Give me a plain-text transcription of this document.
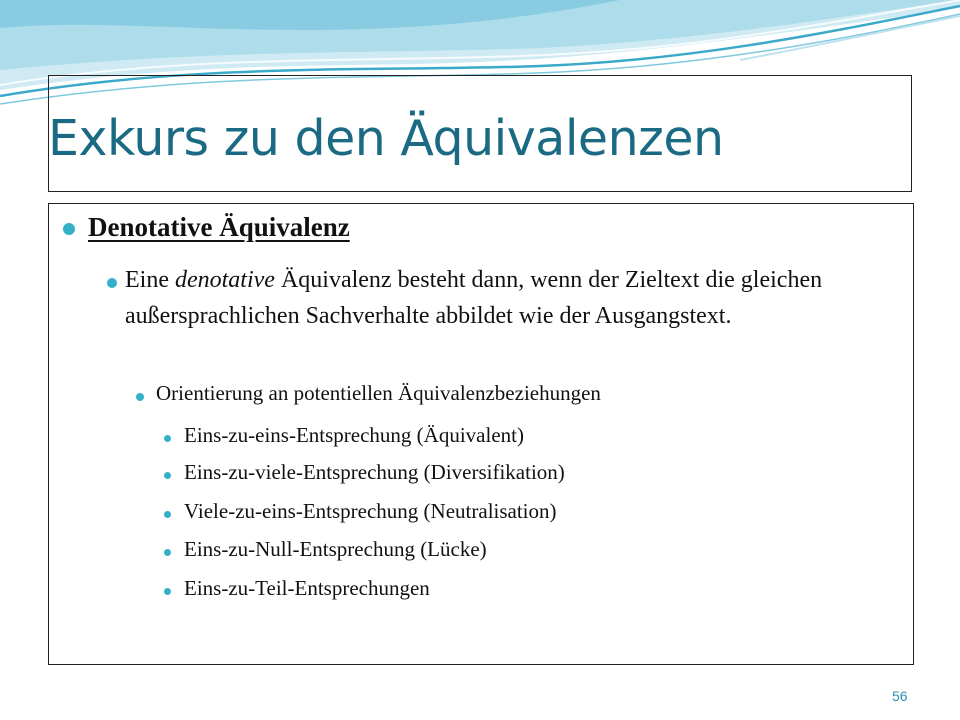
Exkurs zu den Äquivalenzen
Denotative Äquivalenz
Eine denotative Äquivalenz besteht dann, wenn der Zieltext die gleichen außersprachlichen Sachverhalte abbildet wie der Ausgangstext.
Orientierung an potentiellen Äquivalenzbeziehungen
Eins-zu-eins-Entsprechung (Äquivalent)
Eins-zu-viele-Entsprechung (Diversifikation)
Viele-zu-eins-Entsprechung (Neutralisation)
Eins-zu-Null-Entsprechung (Lücke)
Eins-zu-Teil-Entsprechungen
56
